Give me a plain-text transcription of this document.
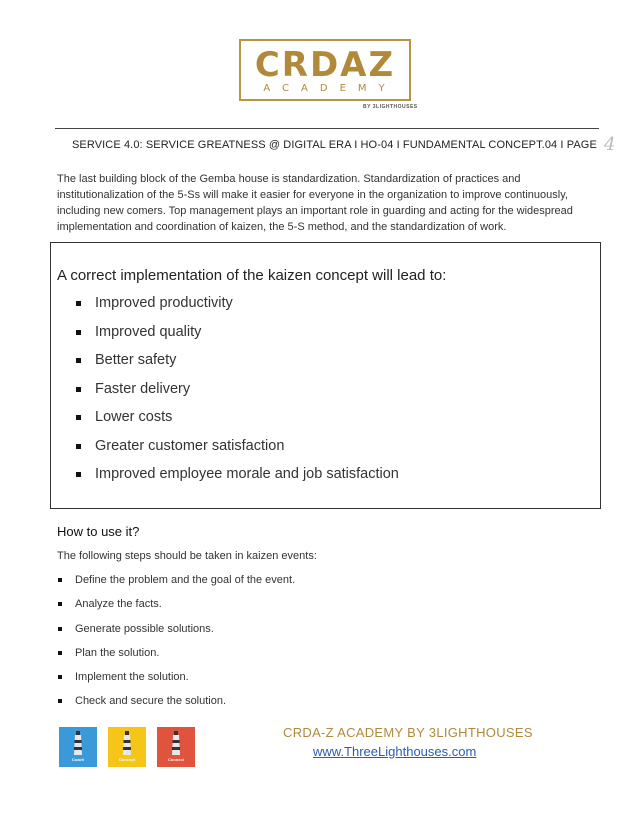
CRDAZ
ACADEMY
BY 3LIGHTHOUSES
SERVICE 4.0: SERVICE GREATNESS @ DIGITAL ERA I HO-04 I FUNDAMENTAL CONCEPT.04 I PAGE 4
The last building block of the Gemba house is standardization. Standardization of practices and institutionalization of the 5-Ss will make it easier for everyone in the organization to improve continuously, including new comers. Top management plays an important role in guarding and acting for the widespread implementation and coordination of kaizen, the 5-S method, and the standardization of work.
A correct implementation of the kaizen concept will lead to:
Improved productivity
Improved quality
Better safety
Faster delivery
Lower costs
Greater customer satisfaction
Improved employee morale and job satisfaction
How to use it?
The following steps should be taken in kaizen events:
Define the problem and the goal of the event.
Analyze the facts.
Generate possible solutions.
Plan the solution.
Implement the solution.
Check and secure the solution.
Coach	Concept	Connect
CRDA-Z ACADEMY BY 3LIGHTHOUSES
www.ThreeLighthouses.com
